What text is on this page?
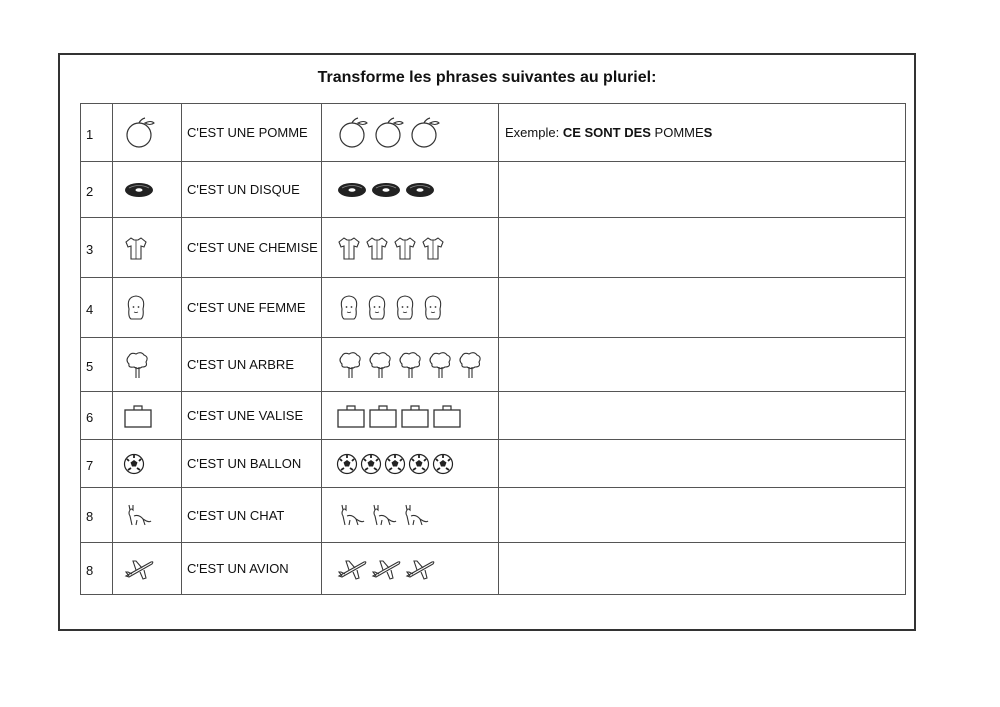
Transforme les phrases suivantes au pluriel:
1		C'EST UNE POMME		Exemple: CE SONT DES POMMES
2		C'EST UN DISQUE	

3		C'EST UNE CHEMISE	

4		C'EST UNE FEMME	

5		C'EST UN ARBRE	

6		C'EST UNE VALISE	

7		C'EST UN BALLON	

8		C'EST UN CHAT	

8		C'EST UN AVION	
